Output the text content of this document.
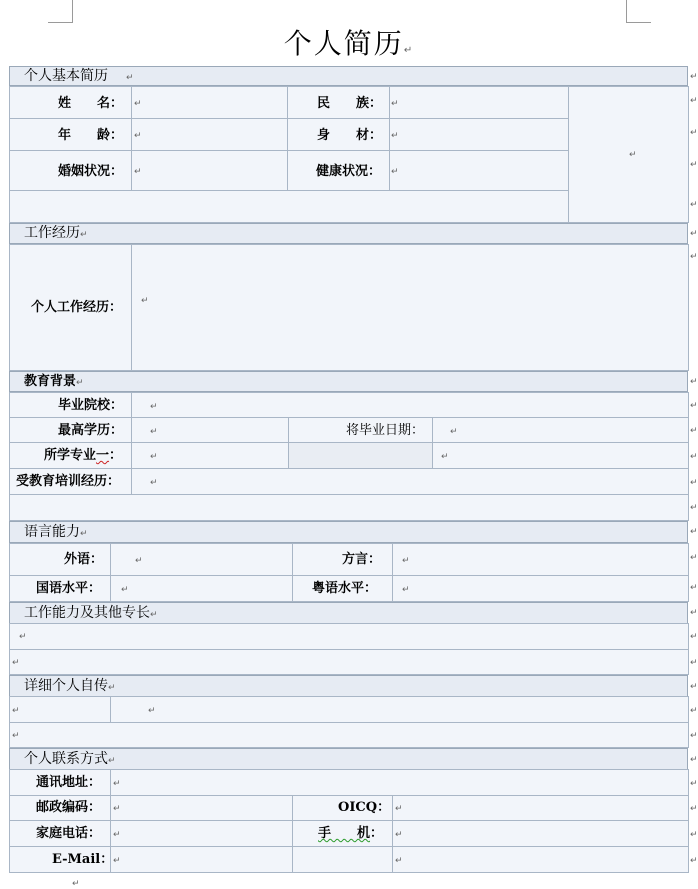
个人简历↵
个人基本简历 ↵
姓　　名： ↵	民　　族： ↵
年　　龄： ↵	身　　材： ↵
婚姻状况： ↵	健康状况： ↵
↵
工作经历↵
个人工作经历： ↵
教育背景↵
毕业院校：	↵
最高学历：	↵	将毕业日期：	↵
所学专业一：	↵	↵
受教育培训经历：	↵
语言能力↵
外语：	↵	方言： ↵
国语水平： ↵	粤语水平：	↵
工作能力及其他专长↵
↵
↵
详细个人自传↵
↵	↵
↵
个人联系方式↵
通讯地址： ↵
邮政编码： ↵	OICQ： ↵
家庭电话： ↵	手　　机： ↵
E-Mail： ↵	↵
↵
↵
↵
↵
↵
↵
↵
↵
↵
↵
↵
↵
↵
↵
↵
↵
↵
↵
↵
↵
↵
↵
↵
↵
↵
↵
↵
↵
